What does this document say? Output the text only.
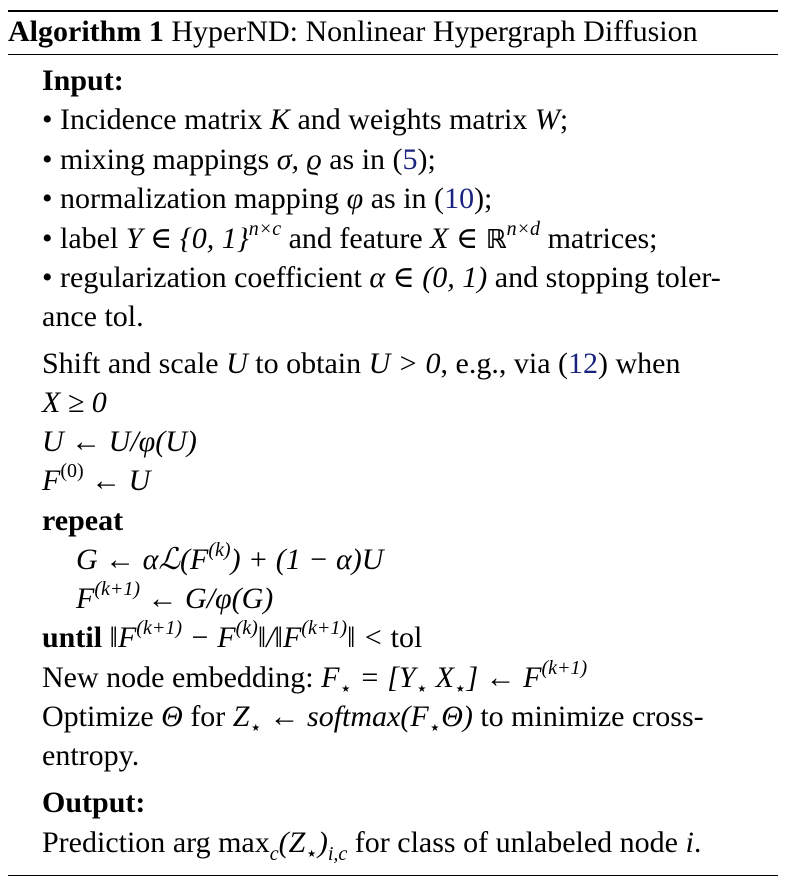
Algorithm 1 HyperND: Nonlinear Hypergraph Diffusion
Input:
• Incidence matrix K and weights matrix W;
• mixing mappings σ, ϱ as in (5);
• normalization mapping φ as in (10);
• label Y ∈ {0, 1}$^{n\times c}$ and feature X ∈ ℝ$^{n\times d}$ matrices;
• regularization coefficient α ∈ (0, 1) and stopping toler-
ance tol.
Shift and scale U to obtain U > 0, e.g., via (12) when
X ≥ 0
U ← U/φ(U)
$F^{(0)}$ ← U
repeat
G ← $\alpha ℒ(F^{(k)}) + (1 - \alpha)U$
$F^{(k+1)}$ ← G/φ(G)
until $‖F^{(k+1)}$ − $F^{(k)}‖/‖F^{(k+1)}‖$ < tol
New node embedding: $F_⋆ = [Y_⋆$ $X_⋆$] ← $F^{(k+1)}$
Optimize Θ for $Z_⋆$ ← $softmax(F_⋆\Theta)$ to minimize cross-
entropy.
Output:
Prediction arg $\max_c(Z_⋆)_{i,c}$ for class of unlabeled node i.
